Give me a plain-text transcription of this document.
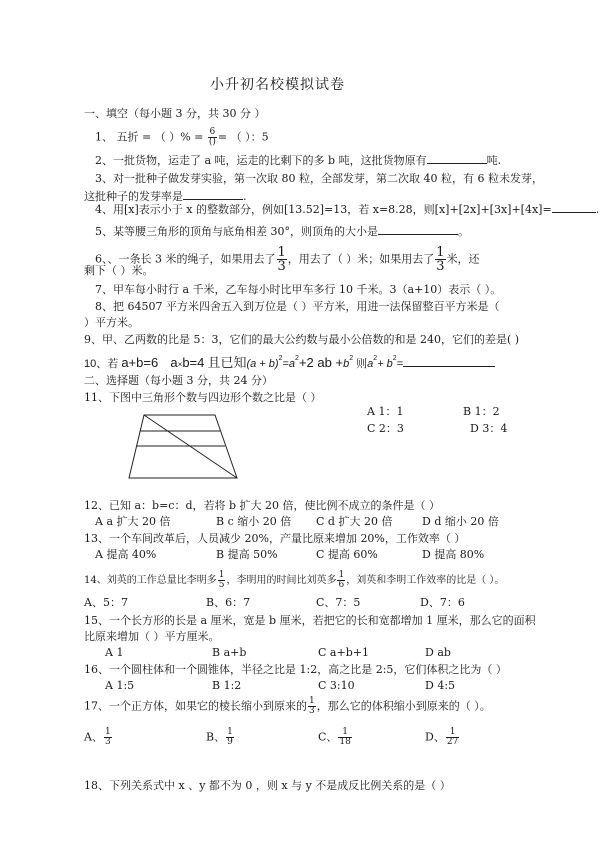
小升初名校模拟试卷
一、填空（每小题 3 分，共 30 分 ）
1、 五折 = （ ）% = $\frac{6}{()}$ = （ ）：5
2、一批货物，运走了 a 吨，运走的比剩下的多 b 吨，这批货物原有	吨.
3、对一批种子做发芽实验，第一次取 80 粒，全部发芽，第二次取 40 粒，有 6 粒未发芽，
这批种子的发芽率是	.
4、用[x]表示小于 x 的整数部分，例如[13.52]=13，若 x=8.28，则[x]+[2x]+[3x]+[4x]=	.
5、某等腰三角形的顶角与底角相差 30°，则顶角的大小是	。
6、、一条长 3 米的绳子，如果用去了 $\frac{1}{3}$ ，用去了（ ）米；如果用去了 $\frac{1}{3}$ 米，还
剩下（ ）米。
7、甲车每小时行 a 千米，乙车每小时比甲车多行 10 千米。3（a+10）表示（ ）。
8、把 64507 平方米四舍五入到万位是（ ）平方米，用进一法保留整百平方米是（
）平方米。
9、甲、乙两数的比是 5：3，它们的最大公约数与最小公倍数的和是 240，它们的差是( )
10、若 a+b=6 a×b=4 且已知$(a + b)^2=a^2+2$ ab $+b^2$ 则$a^2+ b^2=$
二、选择题（每小题 3 分，共 24 分）
11、下图中三角形个数与四边形个数之比是（ ）
A 1：1	B 1：2
C 2：3	D 3：4
12、已知 a：b=c：d，若将 b 扩大 20 倍，使比例不成立的条件是（ ）
A a 扩大 20 倍	B c 缩小 20 倍 C d 扩大 20 倍	D d 缩小 20 倍
13、一个车间改革后，人员减少 20%，产量比原来增加 20%，工作效率（ ）
A 提高 40%	B 提高 50%	C 提高 60%	D 提高 80%
14、刘英的工作总量比李明多 $\frac{1}{5}$ ，李明用的时间比刘英多 $\frac{1}{6}$ ，刘英和李明工作效率的比是（ ）。
A、5：7	B、6：7	C、7：5	D、7：6
15、一个长方形的长是 a 厘米，宽是 b 厘米，若把它的长和宽都增加 1 厘米，那么它的面积
比原来增加（ ）平方厘米。
A 1	B a+b	C a+b+1	D ab
16、一个圆柱体和一个圆锥体，半径之比是 1:2，高之比是 2:5，它们体积之比为（ ）
A 1:5	B 1:2	C 3:10	D 4:5
17、一个正方体，如果它的棱长缩小到原来的 $\frac{1}{3}$ ，那么它的体积缩小到原来的（ ）。
A、 $\frac{1}{3}$	B、 $\frac{1}{9}$	C、 $\frac{1}{18}$	D、 $\frac{1}{27}$
18、下列关系式中 x 、y 都不为 0 ，则 x 与 y 不是成反比例关系的是（ ）
